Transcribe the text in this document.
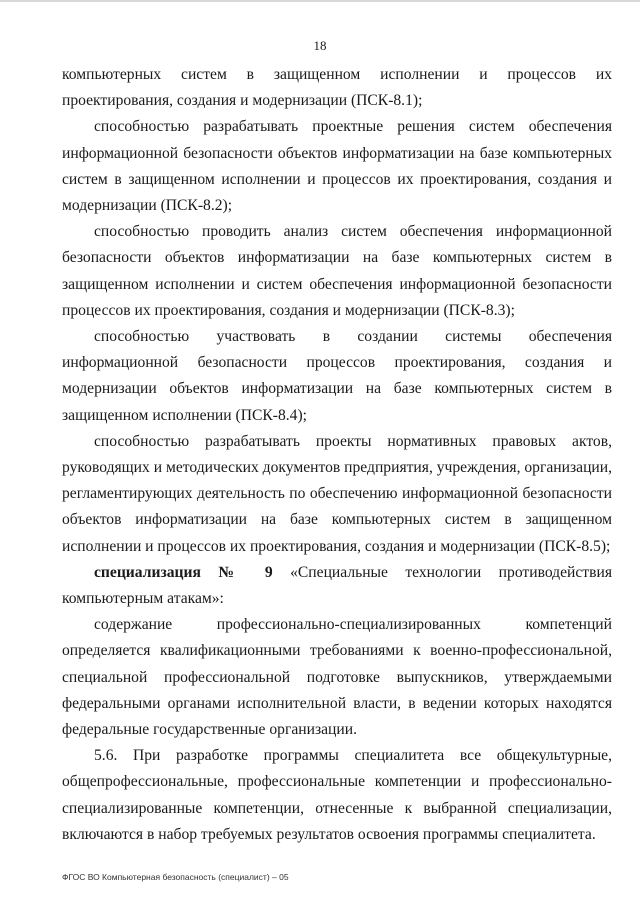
18

компьютерных систем в защищенном исполнении и процессов их проектирования, создания и модернизации (ПСК-8.1);

способностью разрабатывать проектные решения систем обеспечения информационной безопасности объектов информатизации на базе компьютерных систем в защищенном исполнении и процессов их проектирования, создания и модернизации (ПСК-8.2);

способностью проводить анализ систем обеспечения информационной безопасности объектов информатизации на базе компьютерных систем в защищенном исполнении и систем обеспечения информационной безопасности процессов их проектирования, создания и модернизации (ПСК-8.3);

способностью участвовать в создании системы обеспечения информационной безопасности процессов проектирования, создания и модернизации объектов информатизации на базе компьютерных систем в защищенном исполнении (ПСК-8.4);

способностью разрабатывать проекты нормативных правовых актов, руководящих и методических документов предприятия, учреждения, организации, регламентирующих деятельность по обеспечению информационной безопасности объектов информатизации на базе компьютерных систем в защищенном исполнении и процессов их проектирования, создания и модернизации (ПСК-8.5);

специализация № 9 «Специальные технологии противодействия компьютерным атакам»:

содержание профессионально-специализированных компетенций определяется квалификационными требованиями к военно-профессиональной, специальной профессиональной подготовке выпускников, утверждаемыми федеральными органами исполнительной власти, в ведении которых находятся федеральные государственные организации.

5.6. При разработке программы специалитета все общекультурные, общепрофессиональные, профессиональные компетенции и профессионально-специализированные компетенции, отнесенные к выбранной специализации, включаются в набор требуемых результатов освоения программы специалитета.

ФГОС ВО Компьютерная безопасность (специалист) – 05
